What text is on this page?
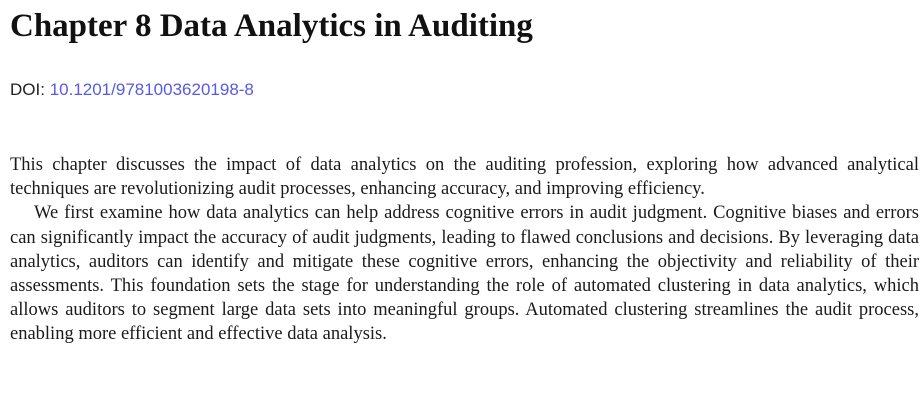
Chapter 8 Data Analytics in Auditing
DOI: 10.1201/9781003620198-8

This chapter discusses the impact of data analytics on the auditing profession, exploring how advanced analytical techniques are revolutionizing audit processes, enhancing accuracy, and improving efficiency.

We first examine how data analytics can help address cognitive errors in audit judgment. Cognitive biases and errors can significantly impact the accuracy of audit judgments, leading to flawed conclusions and decisions. By leveraging data analytics, auditors can identify and mitigate these cognitive errors, enhancing the objectivity and reliability of their assessments. This foundation sets the stage for understanding the role of automated clustering in data analytics, which allows auditors to segment large data sets into meaningful groups. Automated clustering streamlines the audit process, enabling more efficient and effective data analysis.
